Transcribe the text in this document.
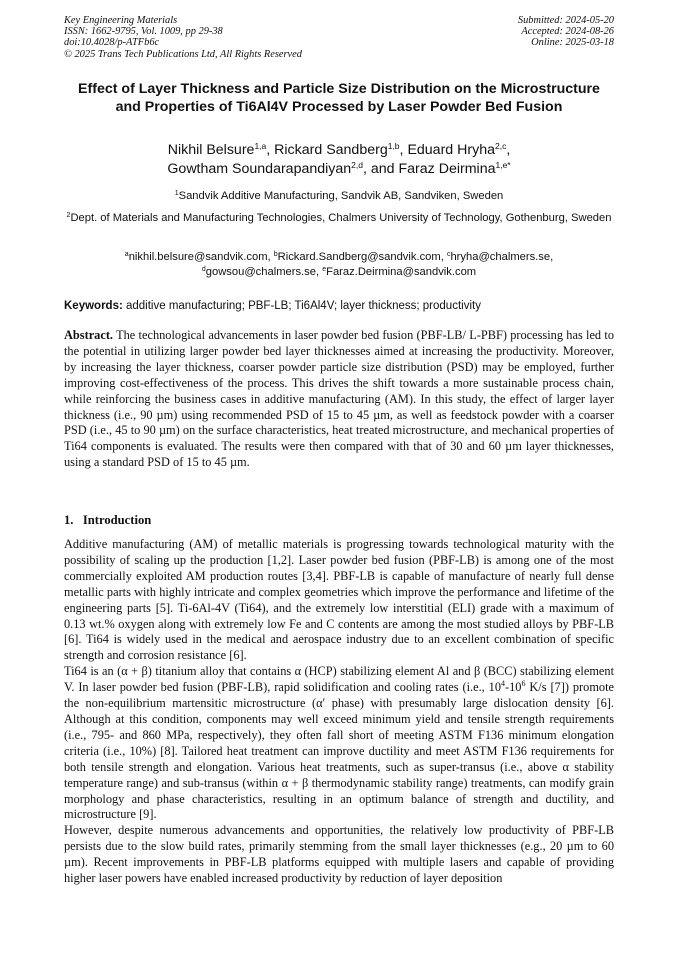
Key Engineering Materials
ISSN: 1662-9795, Vol. 1009, pp 29-38
doi:10.4028/p-ATFb6c
© 2025 Trans Tech Publications Ltd, All Rights Reserved
Submitted: 2024-05-20
Accepted: 2024-08-26
Online: 2025-03-18
Effect of Layer Thickness and Particle Size Distribution on the Microstructure and Properties of Ti6Al4V Processed by Laser Powder Bed Fusion
Nikhil Belsure$^{1,a}$, Rickard Sandberg$^{1,b}$, Eduard Hryha$^{2,c}$,
Gowtham Soundarapandiyan$^{2,d}$, and Faraz Deirmina$^{1,e*}$
$^1$Sandvik Additive Manufacturing, Sandvik AB, Sandviken, Sweden
$^2$Dept. of Materials and Manufacturing Technologies, Chalmers University of Technology, Gothenburg, Sweden
$^a$nikhil.belsure@sandvik.com, $^b$Rickard.Sandberg@sandvik.com, $^c$hryha@chalmers.se,
$^d$gowsou@chalmers.se, $^e$Faraz.Deirmina@sandvik.com
Keywords: additive manufacturing; PBF-LB; Ti6Al4V; layer thickness; productivity
Abstract. The technological advancements in laser powder bed fusion (PBF-LB/ L-PBF) processing has led to the potential in utilizing larger powder bed layer thicknesses aimed at increasing the productivity. Moreover, by increasing the layer thickness, coarser powder particle size distribution (PSD) may be employed, further improving cost-effectiveness of the process. This drives the shift towards a more sustainable process chain, while reinforcing the business cases in additive manufacturing (AM). In this study, the effect of larger layer thickness (i.e., 90 µm) using recommended PSD of 15 to 45 µm, as well as feedstock powder with a coarser PSD (i.e., 45 to 90 µm) on the surface characteristics, heat treated microstructure, and mechanical properties of Ti64 components is evaluated. The results were then compared with that of 30 and 60 µm layer thicknesses, using a standard PSD of 15 to 45 µm.
1. Introduction

Additive manufacturing (AM) of metallic materials is progressing towards technological maturity with the possibility of scaling up the production [1,2]. Laser powder bed fusion (PBF-LB) is among one of the most commercially exploited AM production routes [3,4]. PBF-LB is capable of manufacture of nearly full dense metallic parts with highly intricate and complex geometries which improve the performance and lifetime of the engineering parts [5]. Ti-6Al-4V (Ti64), and the extremely low interstitial (ELI) grade with a maximum of 0.13 wt.% oxygen along with extremely low Fe and C contents are among the most studied alloys by PBF-LB [6]. Ti64 is widely used in the medical and aerospace industry due to an excellent combination of specific strength and corrosion resistance [6].

Ti64 is an (α + β) titanium alloy that contains α (HCP) stabilizing element Al and β (BCC) stabilizing element V. In laser powder bed fusion (PBF-LB), rapid solidification and cooling rates (i.e., $10^4-10^6$ K/s [7]) promote the non-equilibrium martensitic microstructure (α′ phase) with presumably large dislocation density [6]. Although at this condition, components may well exceed minimum yield and tensile strength requirements (i.e., 795- and 860 MPa, respectively), they often fall short of meeting ASTM F136 minimum elongation criteria (i.e., 10%) [8]. Tailored heat treatment can improve ductility and meet ASTM F136 requirements for both tensile strength and elongation. Various heat treatments, such as super-transus (i.e., above α stability temperature range) and sub-transus (within α + β thermodynamic stability range) treatments, can modify grain morphology and phase characteristics, resulting in an optimum balance of strength and ductility, and microstructure [9].

However, despite numerous advancements and opportunities, the relatively low productivity of PBF-LB persists due to the slow build rates, primarily stemming from the small layer thicknesses (e.g., 20 µm to 60 µm). Recent improvements in PBF-LB platforms equipped with multiple lasers and capable of providing higher laser powers have enabled increased productivity by reduction of layer deposition
